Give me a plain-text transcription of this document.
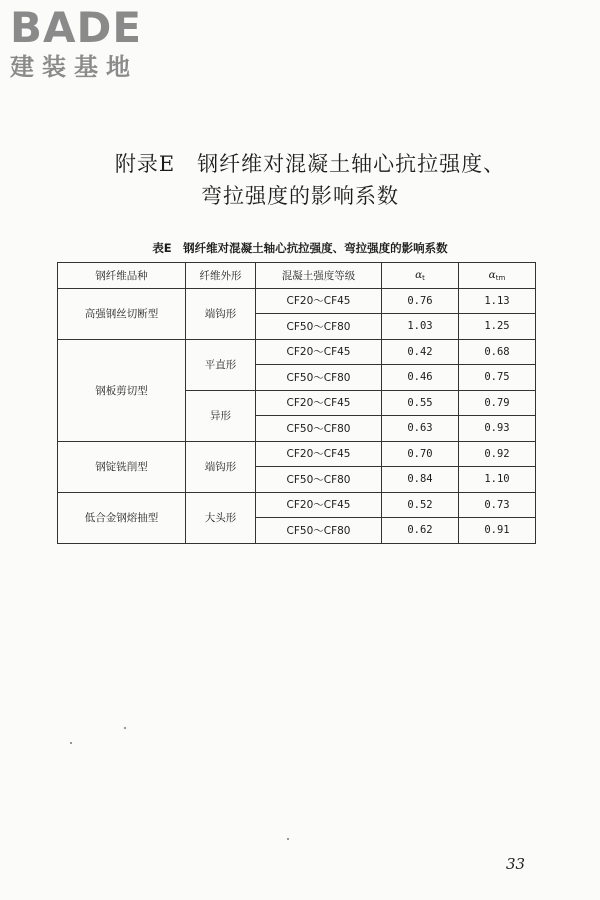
BADE
建装基地
附录E　钢纤维对混凝土轴心抗拉强度、
弯拉强度的影响系数
表E　钢纤维对混凝土轴心抗拉强度、弯拉强度的影响系数
钢纤维品种	纤维外形	混凝土强度等级	$\alpha_t$	$\alpha_{tm}$
高强钢丝切断型	端钩形	CF20～CF45	0.76	1.13
		CF50～CF80	1.03	1.25
钢板剪切型	平直形	CF20～CF45	0.42	0.68
		CF50～CF80	0.46	0.75
	异形	CF20～CF45	0.55	0.79
		CF50～CF80	0.63	0.93
钢锭铣削型	端钩形	CF20～CF45	0.70	0.92
		CF50～CF80	0.84	1.10
低合金钢熔抽型	大头形	CF20～CF45	0.52	0.73
		CF50～CF80	0.62	0.91
33
